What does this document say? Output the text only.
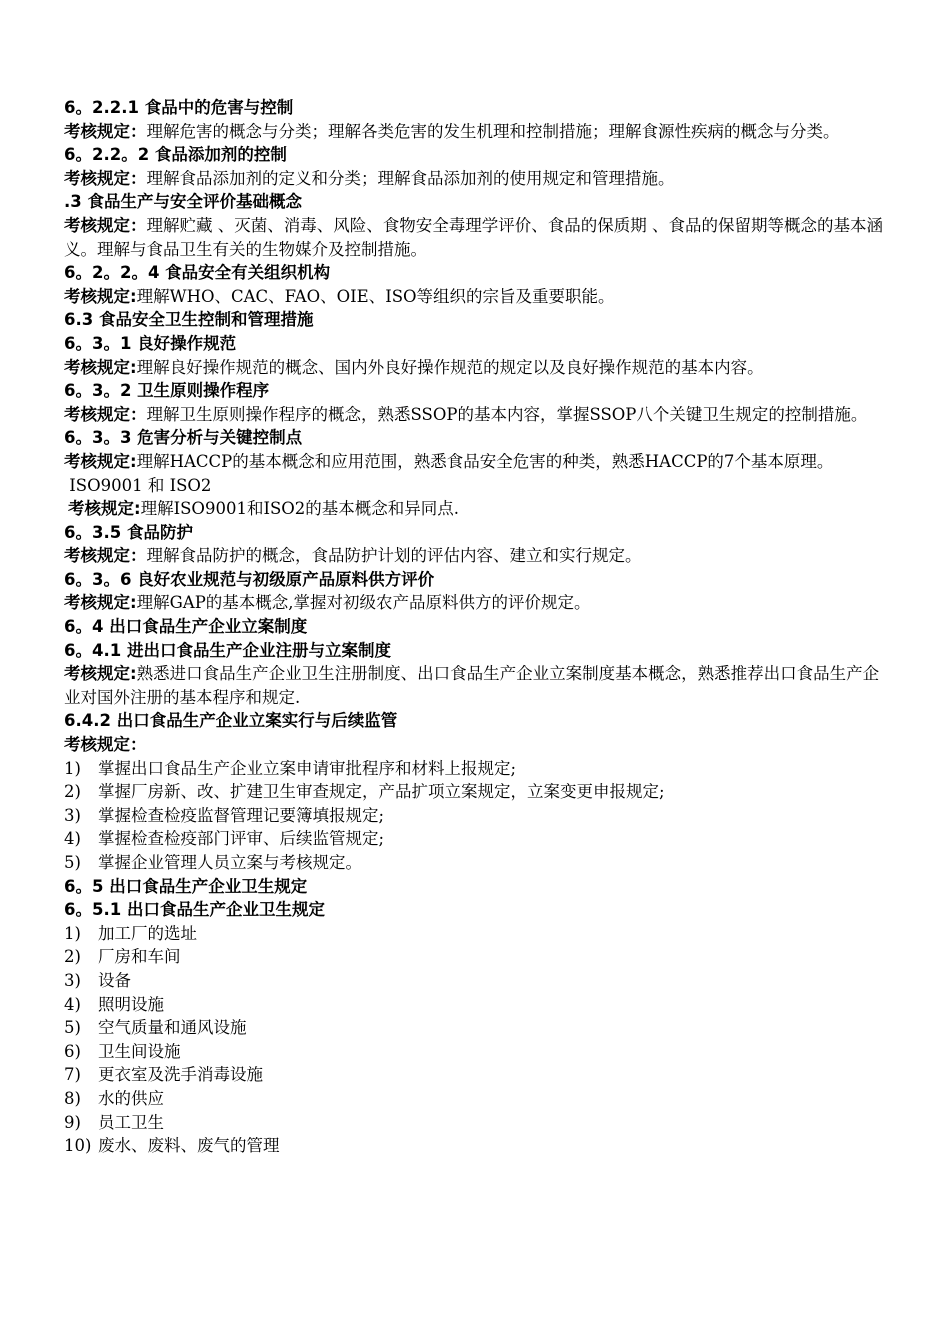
6。2.2.1 食品中的危害与控制
考核规定：理解危害的概念与分类；理解各类危害的发生机理和控制措施；理解食源性疾病的概念与分类。
6。2.2。2 食品添加剂的控制
考核规定：理解食品添加剂的定义和分类；理解食品添加剂的使用规定和管理措施。
.3 食品生产与安全评价基础概念
考核规定：理解贮藏 、灭菌、消毒、风险、食物安全毒理学评价、食品的保质期 、食品的保留期等概念的基本涵义。理解与食品卫生有关的生物媒介及控制措施。
6。2。2。4 食品安全有关组织机构
考核规定:理解WHO、CAC、FAO、OIE、ISO等组织的宗旨及重要职能。
6.3 食品安全卫生控制和管理措施
6。3。1 良好操作规范
考核规定:理解良好操作规范的概念、国内外良好操作规范的规定以及良好操作规范的基本内容。
6。3。2 卫生原则操作程序
考核规定：理解卫生原则操作程序的概念，熟悉SSOP的基本内容，掌握SSOP八个关键卫生规定的控制措施。
6。3。3 危害分析与关键控制点
考核规定:理解HACCP的基本概念和应用范围，熟悉食品安全危害的种类，熟悉HACCP的7个基本原理。
ISO9001 和 ISO2
考核规定:理解ISO9001和ISO2的基本概念和异同点.
6。3.5 食品防护
考核规定：理解食品防护的概念，食品防护计划的评估内容、建立和实行规定。
6。3。6 良好农业规范与初级原产品原料供方评价
考核规定:理解GAP的基本概念,掌握对初级农产品原料供方的评价规定。
6。4 出口食品生产企业立案制度
6。4.1 进出口食品生产企业注册与立案制度
考核规定:熟悉进口食品生产企业卫生注册制度、出口食品生产企业立案制度基本概念，熟悉推荐出口食品生产企业对国外注册的基本程序和规定.
6.4.2 出口食品生产企业立案实行与后续监管
考核规定：
1) 掌握出口食品生产企业立案申请审批程序和材料上报规定;
2) 掌握厂房新、改、扩建卫生审查规定，产品扩项立案规定，立案变更申报规定;
3) 掌握检查检疫监督管理记要簿填报规定;
4) 掌握检查检疫部门评审、后续监管规定;
5) 掌握企业管理人员立案与考核规定。
6。5 出口食品生产企业卫生规定
6。5.1 出口食品生产企业卫生规定
1) 加工厂的选址
2) 厂房和车间
3) 设备
4) 照明设施
5) 空气质量和通风设施
6) 卫生间设施
7) 更衣室及洗手消毒设施
8) 水的供应
9) 员工卫生
10) 废水、废料、废气的管理
